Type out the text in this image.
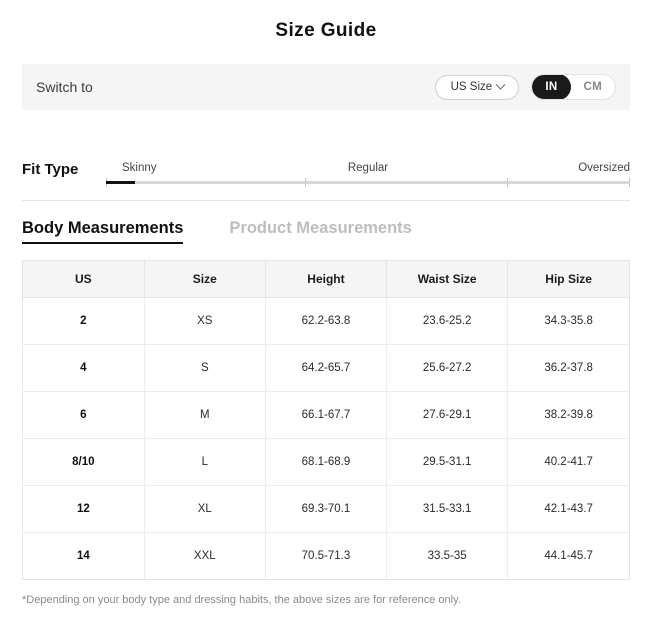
Size Guide
Switch to	US Size	IN	CM
Fit Type	Skinny	Regular	Oversized
Body Measurements	Product Measurements
US	Size	Height	Waist Size	Hip Size
2	XS	62.2-63.8	23.6-25.2	34.3-35.8
4	S	64.2-65.7	25.6-27.2	36.2-37.8
6	M	66.1-67.7	27.6-29.1	38.2-39.8
8/10	L	68.1-68.9	29.5-31.1	40.2-41.7
12	XL	69.3-70.1	31.5-33.1	42.1-43.7
14	XXL	70.5-71.3	33.5-35	44.1-45.7
*Depending on your body type and dressing habits, the above sizes are for reference only.
